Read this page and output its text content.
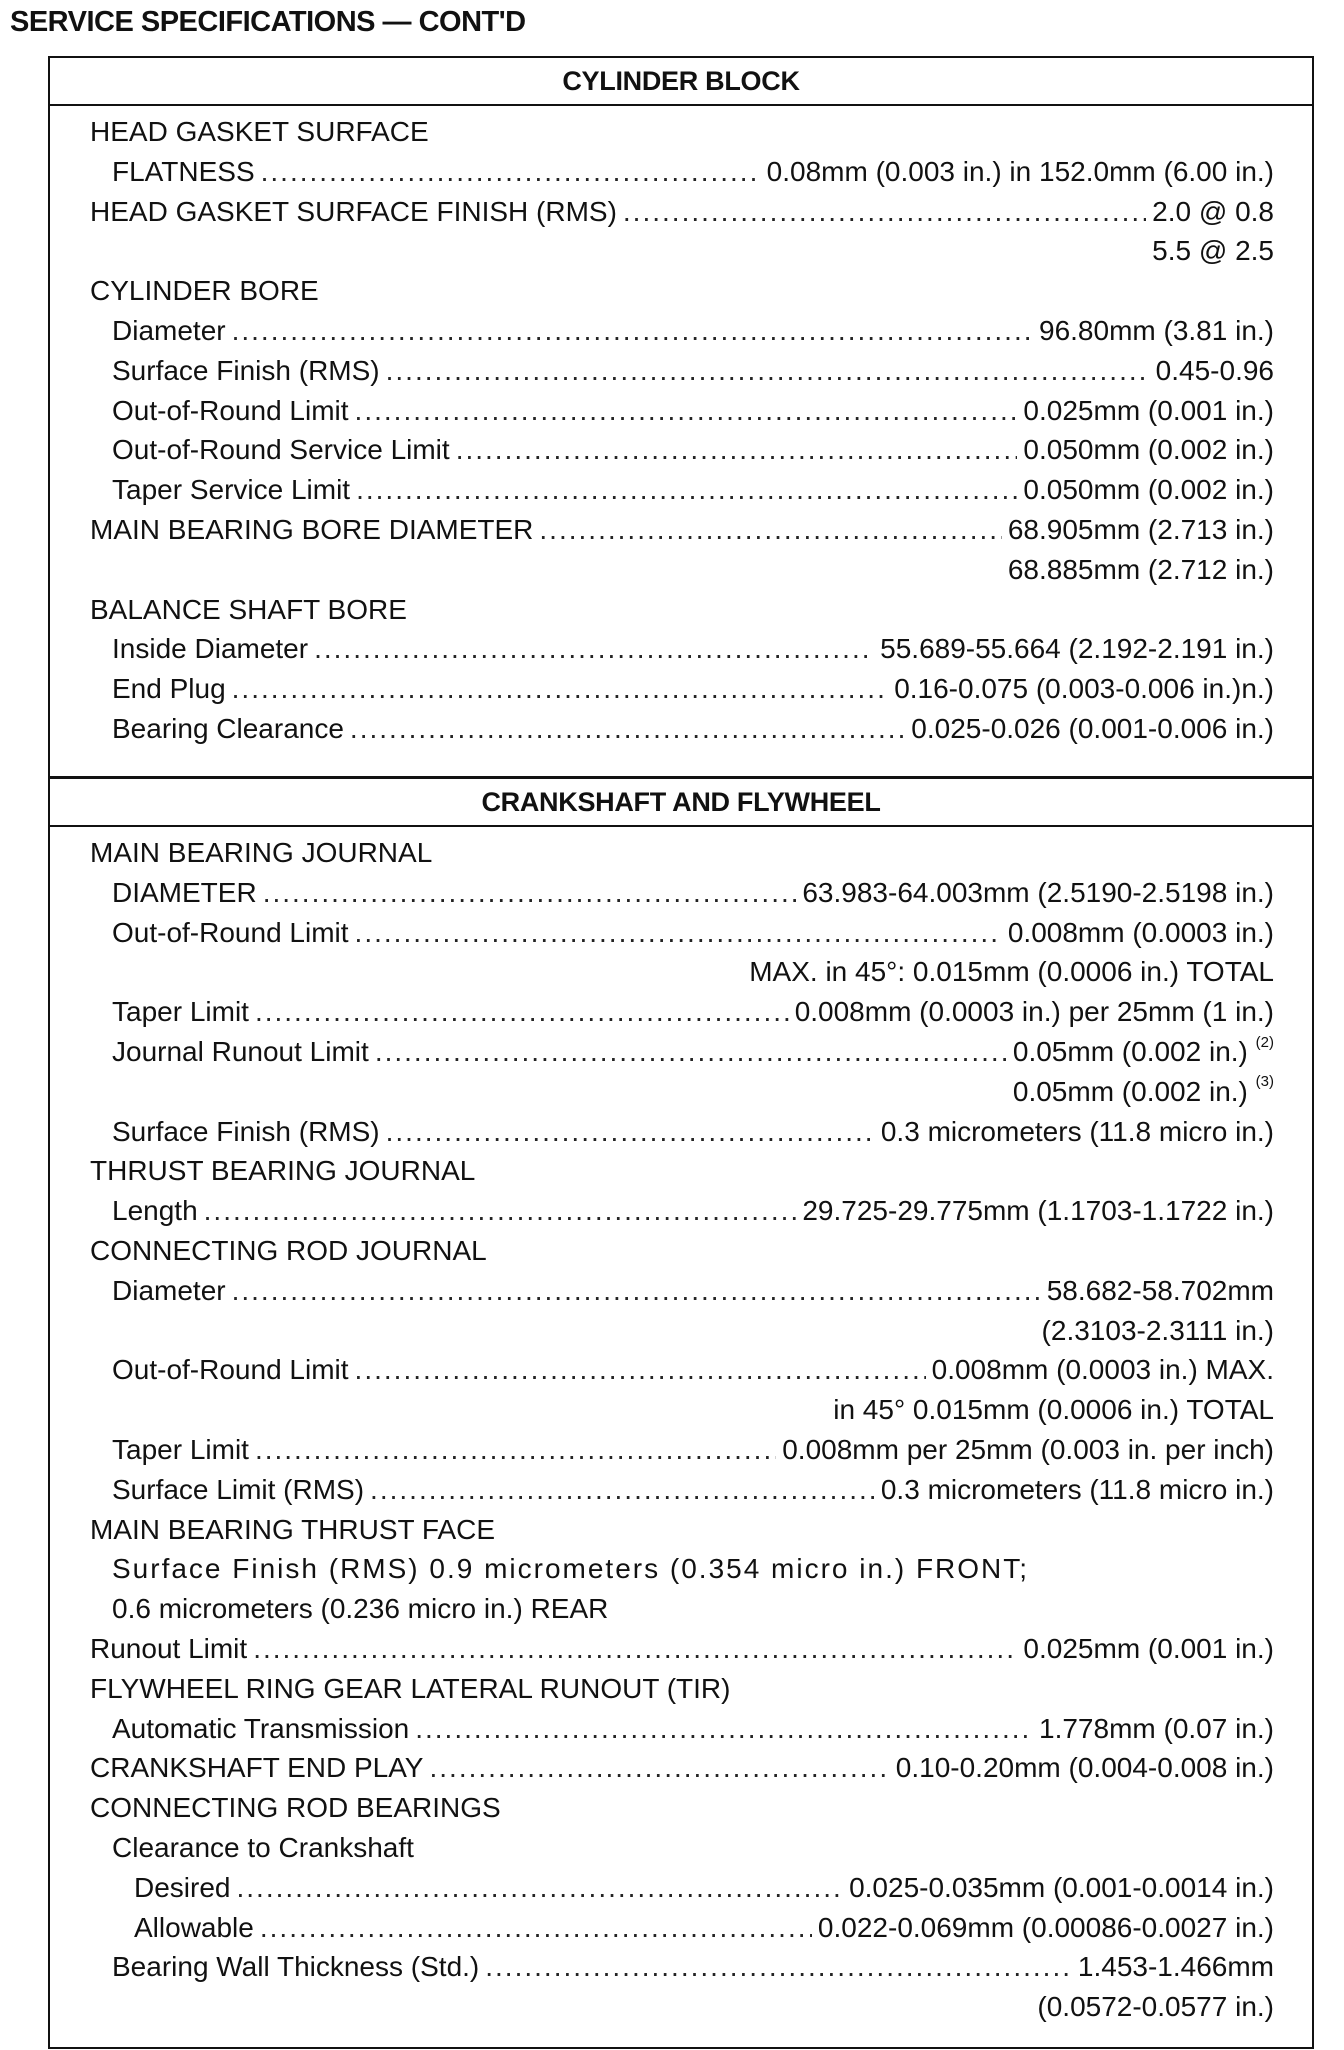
SERVICE SPECIFICATIONS — CONT'D
CYLINDER BLOCK
HEAD GASKET SURFACE
FLATNESS .....	0.08mm (0.003 in.) in 152.0mm (6.00 in.)
HEAD GASKET SURFACE FINISH (RMS) .....	2.0 @ 0.8
5.5 @ 2.5
CYLINDER BORE
Diameter .....	96.80mm (3.81 in.)
Surface Finish (RMS) .....	0.45-0.96
Out-of-Round Limit .....	0.025mm (0.001 in.)
Out-of-Round Service Limit .....	0.050mm (0.002 in.)
Taper Service Limit .....	0.050mm (0.002 in.)
MAIN BEARING BORE DIAMETER .....	68.905mm (2.713 in.)
68.885mm (2.712 in.)
BALANCE SHAFT BORE
Inside Diameter .....	55.689-55.664 (2.192-2.191 in.)
End Plug .....	0.16-0.075 (0.003-0.006 in.)n.)
Bearing Clearance .....	0.025-0.026 (0.001-0.006 in.)
CRANKSHAFT AND FLYWHEEL
MAIN BEARING JOURNAL
DIAMETER .....	63.983-64.003mm (2.5190-2.5198 in.)
Out-of-Round Limit .....	0.008mm (0.0003 in.)
MAX. in 45°: 0.015mm (0.0006 in.) TOTAL
Taper Limit .....	0.008mm (0.0003 in.) per 25mm (1 in.)
Journal Runout Limit .....	0.05mm (0.002 in.) $^{(2)}$
0.05mm (0.002 in.) $^{(3)}$
Surface Finish (RMS) .....	0.3 micrometers (11.8 micro in.)
THRUST BEARING JOURNAL
Length .....	29.725-29.775mm (1.1703-1.1722 in.)
CONNECTING ROD JOURNAL
Diameter .....	58.682-58.702mm
(2.3103-2.3111 in.)
Out-of-Round Limit .....	0.008mm (0.0003 in.) MAX.
in 45° 0.015mm (0.0006 in.) TOTAL
Taper Limit .....	0.008mm per 25mm (0.003 in. per inch)
Surface Limit (RMS) .....	0.3 micrometers (11.8 micro in.)
MAIN BEARING THRUST FACE
Surface Finish (RMS) 0.9 micrometers (0.354 micro in.) FRONT;
0.6 micrometers (0.236 micro in.) REAR
Runout Limit .....	0.025mm (0.001 in.)
FLYWHEEL RING GEAR LATERAL RUNOUT (TIR)
Automatic Transmission .....	1.778mm (0.07 in.)
CRANKSHAFT END PLAY .....	0.10-0.20mm (0.004-0.008 in.)
CONNECTING ROD BEARINGS
Clearance to Crankshaft
Desired .....	0.025-0.035mm (0.001-0.0014 in.)
Allowable .....	0.022-0.069mm (0.00086-0.0027 in.)
Bearing Wall Thickness (Std.) .....	1.453-1.466mm
(0.0572-0.0577 in.)
